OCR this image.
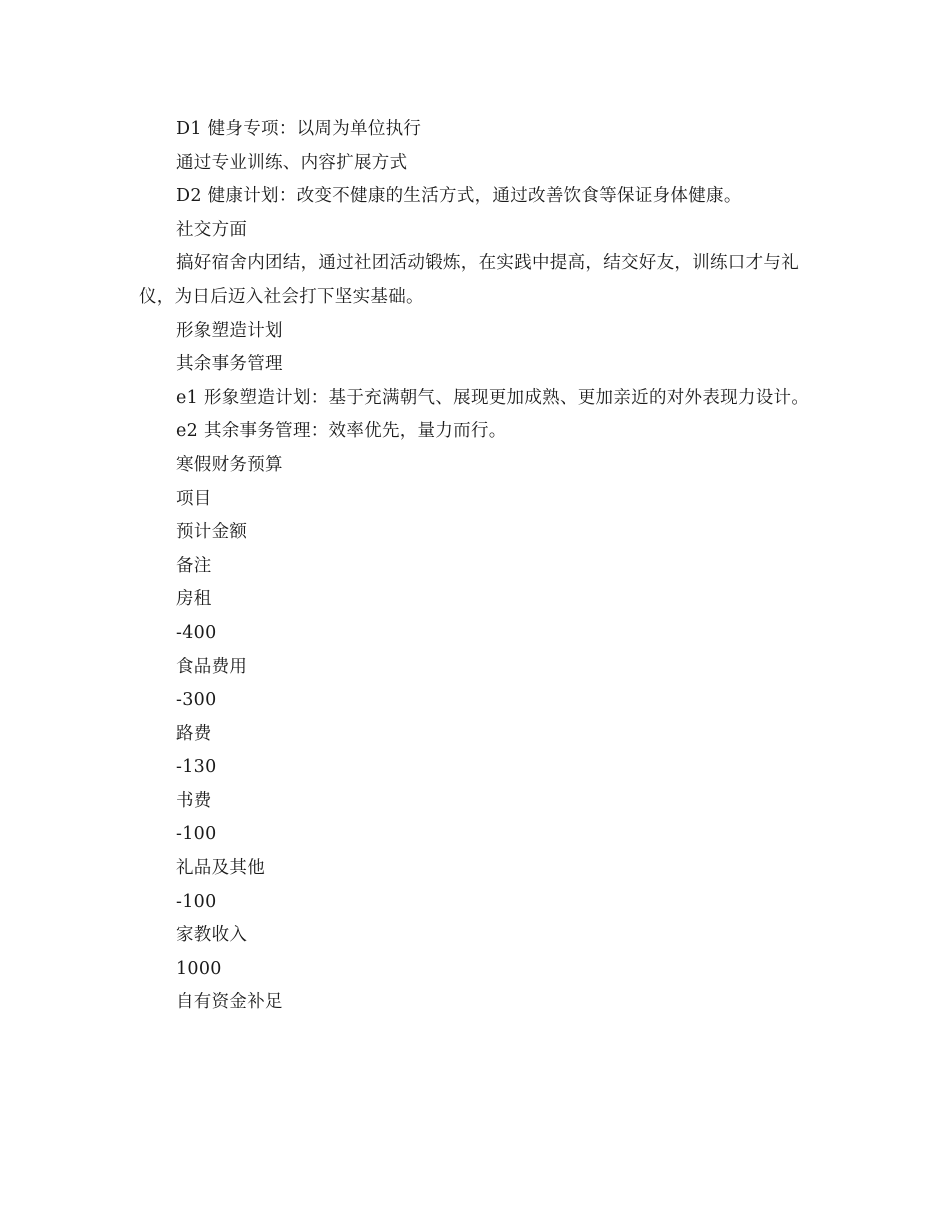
D1 健身专项：以周为单位执行

通过专业训练、内容扩展方式

D2 健康计划：改变不健康的生活方式，通过改善饮食等保证身体健康。

社交方面

搞好宿舍内团结，通过社团活动锻炼，在实践中提高，结交好友，训练口才与礼仪，为日后迈入社会打下坚实基础。

形象塑造计划

其余事务管理

e1 形象塑造计划：基于充满朝气、展现更加成熟、更加亲近的对外表现力设计。

e2 其余事务管理：效率优先，量力而行。

寒假财务预算

项目

预计金额

备注

房租

-400

食品费用

-300

路费

-130

书费

-100

礼品及其他

-100

家教收入

1000

自有资金补足
